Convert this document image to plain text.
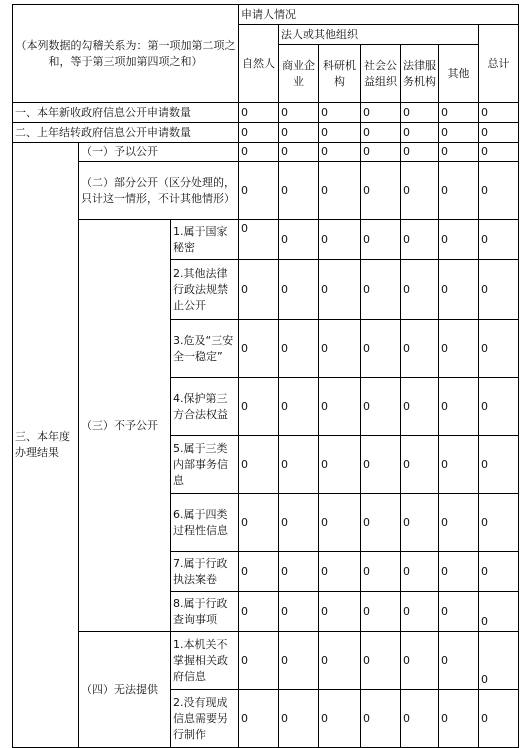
（本列数据的勾稽关系为：第一项加第二项之和，等于第三项加第四项之和）			申请人情况						
			自然人	法人或其他组织					总计
				商业企业	科研机构	社会公益组织	法律服务机构	其他	
一、本年新收政府信息公开申请数量			0	0	0	0	0	0	0
二、上年结转政府信息公开申请数量			0	0	0	0	0	0	0
三、本年度办理结果	（一）予以公开		0	0	0	0	0	0	0
	（二）部分公开（区分处理的，只计这一情形，不计其他情形）		0	0	0	0	0	0	0
	（三）不予公开	1.属于国家秘密	0	0	0	0	0	0	0
		2.其他法律行政法规禁止公开	0	0	0	0	0	0	0
		3.危及“三安全一稳定”	0	0	0	0	0	0	0
		4.保护第三方合法权益	0	0	0	0	0	0	0
		5.属于三类内部事务信息	0	0	0	0	0	0	0
		6.属于四类过程性信息	0	0	0	0	0	0	0
		7.属于行政执法案卷	0	0	0	0	0	0	0
		8.属于行政查询事项	0	0	0	0	0	0	0
	（四）无法提供	1.本机关不掌握相关政府信息	0	0	0	0	0	0	0
		2.没有现成信息需要另行制作	0	0	0	0	0	0	0
